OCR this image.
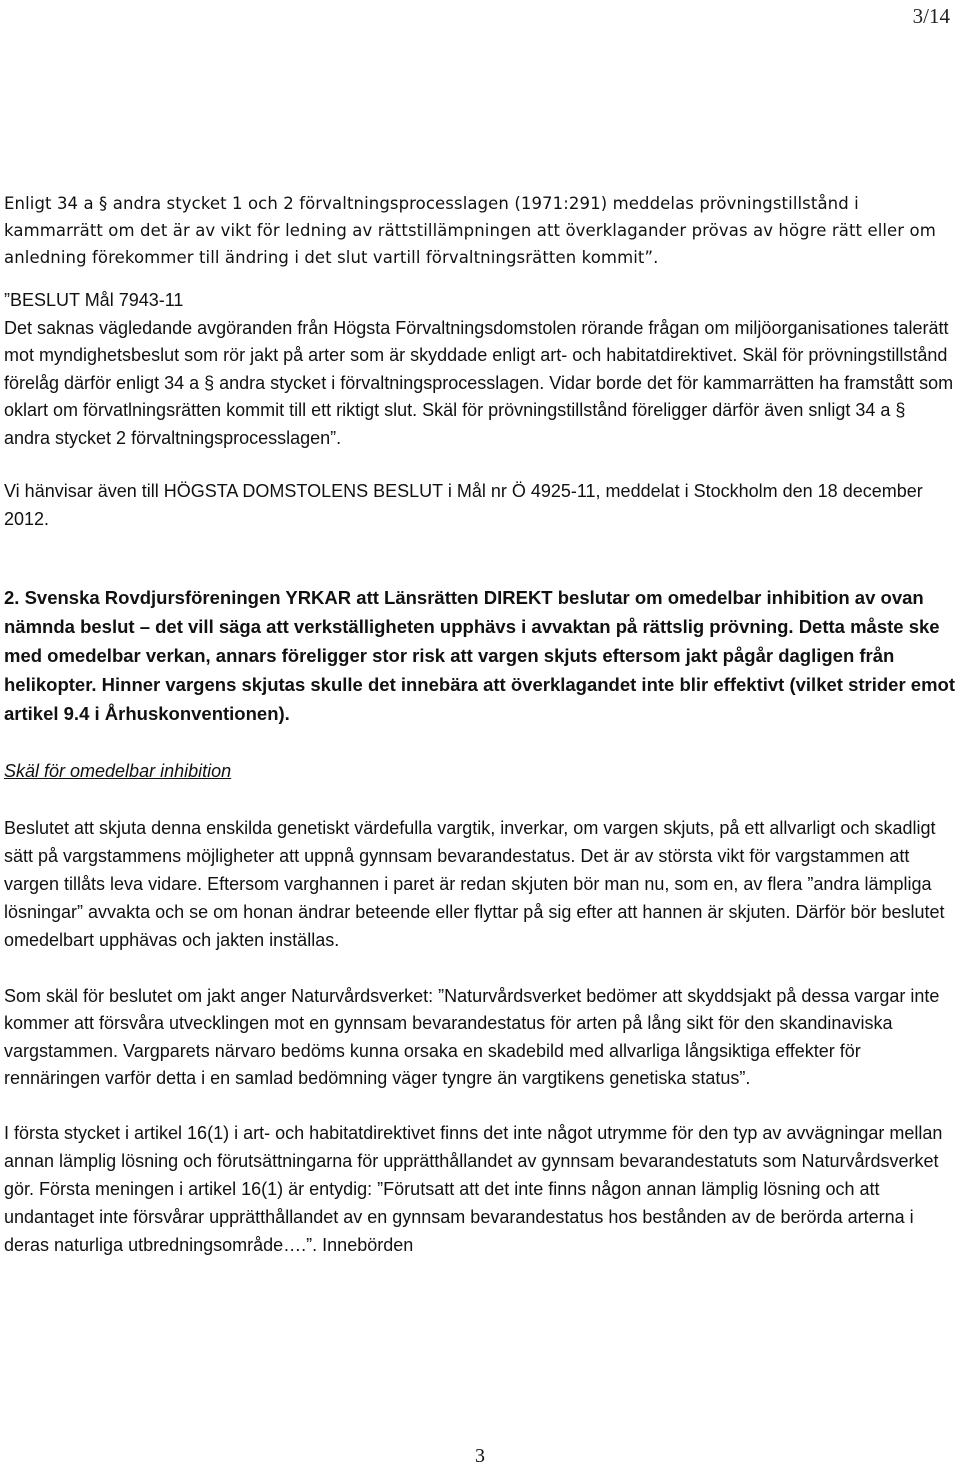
3/14

Enligt 34 a § andra stycket 1 och 2 förvaltningsprocesslagen (1971:291) meddelas prövningstillstånd i kammarrätt om det är av vikt för ledning av rättstillämpningen att överklagander prövas av högre rätt eller om anledning förekommer till ändring i det slut vartill förvaltningsrätten kommit”.

”BESLUT Mål 7943-11

Det saknas vägledande avgöranden från Högsta Förvaltningsdomstolen rörande frågan om miljöorganisationes talerätt mot myndighetsbeslut som rör jakt på arter som är skyddade enligt art- och habitatdirektivet. Skäl för prövningstillstånd förelåg därför enligt 34 a § andra stycket i förvaltningsprocesslagen. Vidar borde det för kammarrätten ha framstått som oklart om förvatlningsrätten kommit till ett riktigt slut. Skäl för prövningstillstånd föreligger därför även snligt 34 a § andra stycket 2 förvaltningsprocesslagen”.

Vi hänvisar även till HÖGSTA DOMSTOLENS BESLUT i Mål nr Ö 4925-11, meddelat i Stockholm den 18 december 2012.

2. Svenska Rovdjursföreningen YRKAR att Länsrätten DIREKT beslutar om omedelbar inhibition av ovan nämnda beslut – det vill säga att verkställigheten upphävs i avvaktan på rättslig prövning. Detta måste ske med omedelbar verkan, annars föreligger stor risk att vargen skjuts eftersom jakt pågår dagligen från helikopter. Hinner vargens skjutas skulle det innebära att överklagandet inte blir effektivt (vilket strider emot artikel 9.4 i Århuskonventionen).

Skäl för omedelbar inhibition

Beslutet att skjuta denna enskilda genetiskt värdefulla vargtik, inverkar, om vargen skjuts, på ett allvarligt och skadligt sätt på vargstammens möjligheter att uppnå gynnsam bevarandestatus. Det är av största vikt för vargstammen att vargen tillåts leva vidare. Eftersom varghannen i paret är redan skjuten bör man nu, som en, av flera ”andra lämpliga lösningar” avvakta och se om honan ändrar beteende eller flyttar på sig efter att hannen är skjuten. Därför bör beslutet omedelbart upphävas och jakten inställas.

Som skäl för beslutet om jakt anger Naturvårdsverket: ”Naturvårdsverket bedömer att skyddsjakt på dessa vargar inte kommer att försvåra utvecklingen mot en gynnsam bevarandestatus för arten på lång sikt för den skandinaviska vargstammen. Vargparets närvaro bedöms kunna orsaka en skadebild med allvarliga långsiktiga effekter för rennäringen varför detta i en samlad bedömning väger tyngre än vargtikens genetiska status”.

I första stycket i artikel 16(1) i art- och habitatdirektivet finns det inte något utrymme för den typ av avvägningar mellan annan lämplig lösning och förutsättningarna för upprätthållandet av gynnsam bevarandestatuts som Naturvårdsverket gör. Första meningen i artikel 16(1) är entydig: ”Förutsatt att det inte finns någon annan lämplig lösning och att undantaget inte försvårar upprätthållandet av en gynnsam bevarandestatus hos bestånden av de berörda arterna i deras naturliga utbredningsområde….”. Innebörden

3
